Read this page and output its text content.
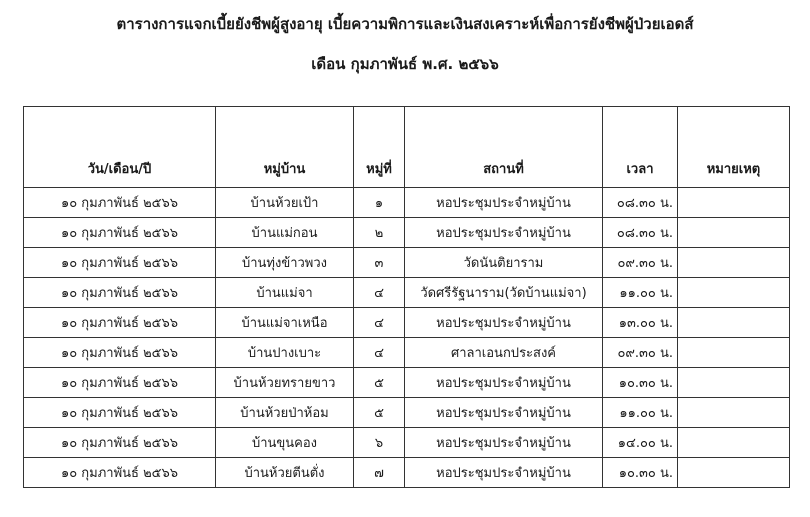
ตารางการแจกเบี้ยยังชีพผู้สูงอายุ เบี้ยความพิการและเงินสงเคราะห์เพื่อการยังชีพผู้ป่วยเอดส์
เดือน กุมภาพันธ์ พ.ศ. ๒๕๖๖
วัน/เดือน/ปี	หมู่บ้าน	หมู่ที่	สถานที่	เวลา	หมายเหตุ
๑๐ กุมภาพันธ์ ๒๕๖๖	บ้านห้วยเป้า	๑	หอประชุมประจำหมู่บ้าน	๐๘.๓๐ น.	
๑๐ กุมภาพันธ์ ๒๕๖๖	บ้านแม่กอน	๒	หอประชุมประจำหมู่บ้าน	๐๘.๓๐ น.	
๑๐ กุมภาพันธ์ ๒๕๖๖	บ้านทุ่งข้าวพวง	๓	วัดนันติยาราม	๐๙.๓๐ น.	
๑๐ กุมภาพันธ์ ๒๕๖๖	บ้านแม่จา	๔	วัดศรีรัฐนาราม(วัดบ้านแม่จา)	๑๑.๐๐ น.	
๑๐ กุมภาพันธ์ ๒๕๖๖	บ้านแม่จาเหนือ	๔	หอประชุมประจำหมู่บ้าน	๑๓.๐๐ น.	
๑๐ กุมภาพันธ์ ๒๕๖๖	บ้านปางเบาะ	๔	ศาลาเอนกประสงค์	๐๙.๓๐ น.	
๑๐ กุมภาพันธ์ ๒๕๖๖	บ้านห้วยทรายขาว	๕	หอประชุมประจำหมู่บ้าน	๑๐.๓๐ น.	
๑๐ กุมภาพันธ์ ๒๕๖๖	บ้านห้วยป่าห้อม	๕	หอประชุมประจำหมู่บ้าน	๑๑.๐๐ น.	
๑๐ กุมภาพันธ์ ๒๕๖๖	บ้านขุนคอง	๖	หอประชุมประจำหมู่บ้าน	๑๔.๐๐ น.	
๑๐ กุมภาพันธ์ ๒๕๖๖	บ้านห้วยตีนตั่ง	๗	หอประชุมประจำหมู่บ้าน	๑๐.๓๐ น.	
